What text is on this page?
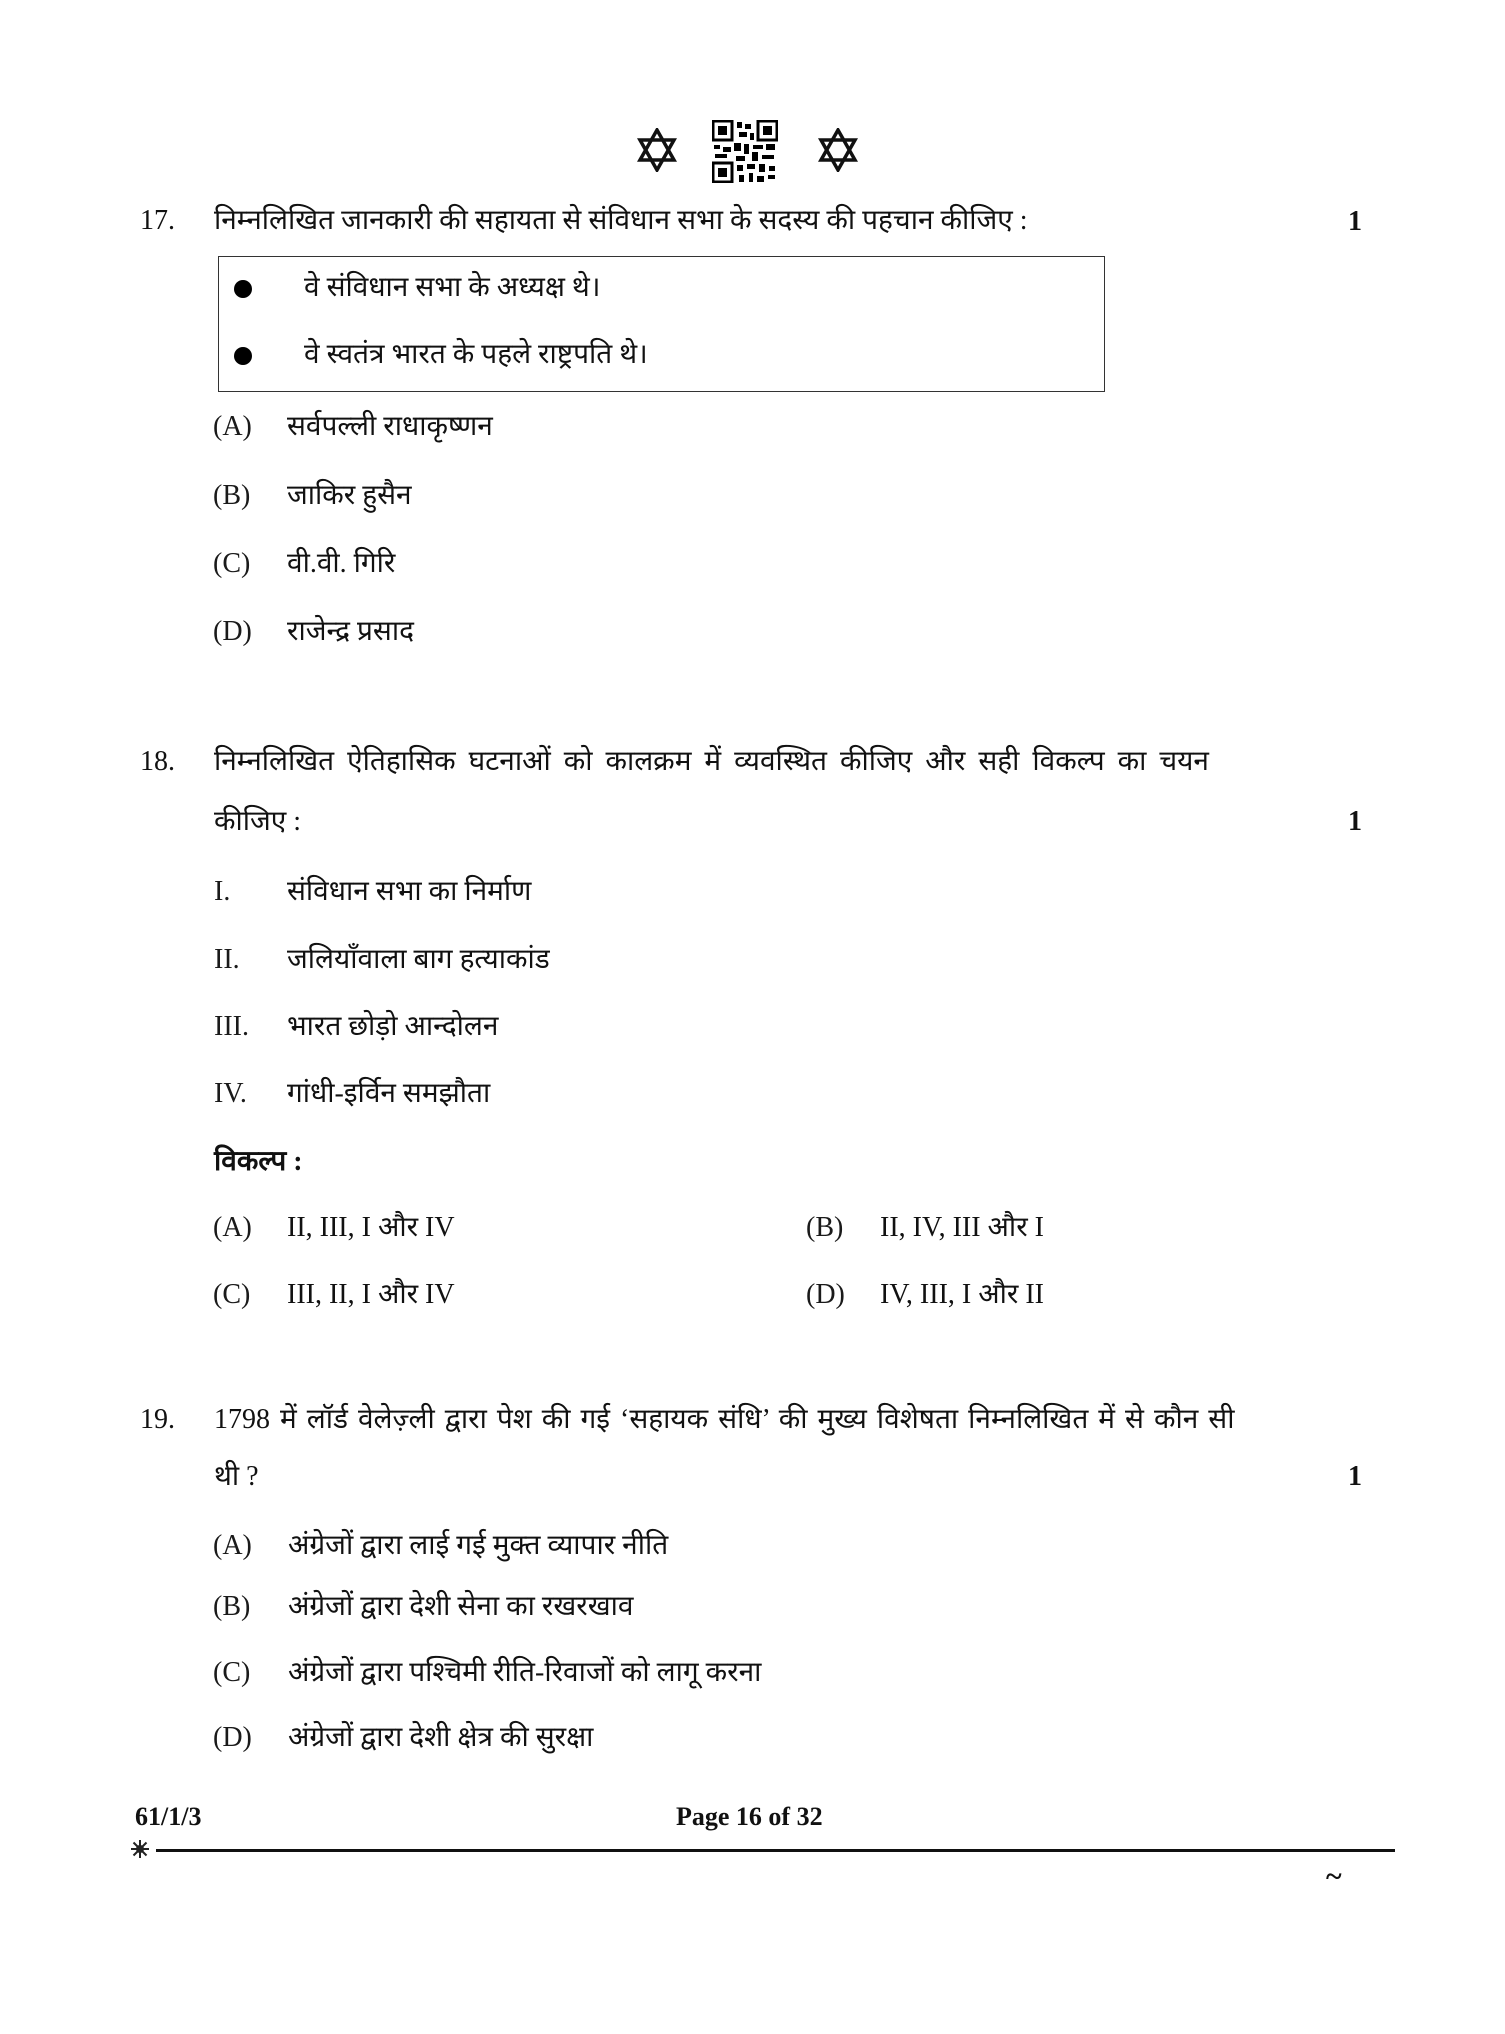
17. निम्नलिखित जानकारी की सहायता से संविधान सभा के सदस्य की पहचान कीजिए :	1
वे संविधान सभा के अध्यक्ष थे।
वे स्वतंत्र भारत के पहले राष्ट्रपति थे।
(A) सर्वपल्ली राधाकृष्णन
(B) जाकिर हुसैन
(C) वी.वी. गिरि
(D) राजेन्द्र प्रसाद
18. निम्नलिखित ऐतिहासिक घटनाओं को कालक्रम में व्यवस्थित कीजिए और सही विकल्प का चयन
कीजिए :	1
I. संविधान सभा का निर्माण
II. जलियाँवाला बाग हत्याकांड
III. भारत छोड़ो आन्दोलन
IV. गांधी-इर्विन समझौता
विकल्प :
(A) II, III, I और IV	(B) II, IV, III और I
(C) III, II, I और IV	(D) IV, III, I और II
19. 1798 में लॉर्ड वेलेज़्ली द्वारा पेश की गई ‘सहायक संधि’ की मुख्य विशेषता निम्नलिखित में से कौन सी
थी ?	1
(A) अंग्रेजों द्वारा लाई गई मुक्त व्यापार नीति
(B) अंग्रेजों द्वारा देशी सेना का रखरखाव
(C) अंग्रेजों द्वारा पश्चिमी रीति-रिवाजों को लागू करना
(D) अंग्रेजों द्वारा देशी क्षेत्र की सुरक्षा
61/1/3	Page 16 of 32
~
